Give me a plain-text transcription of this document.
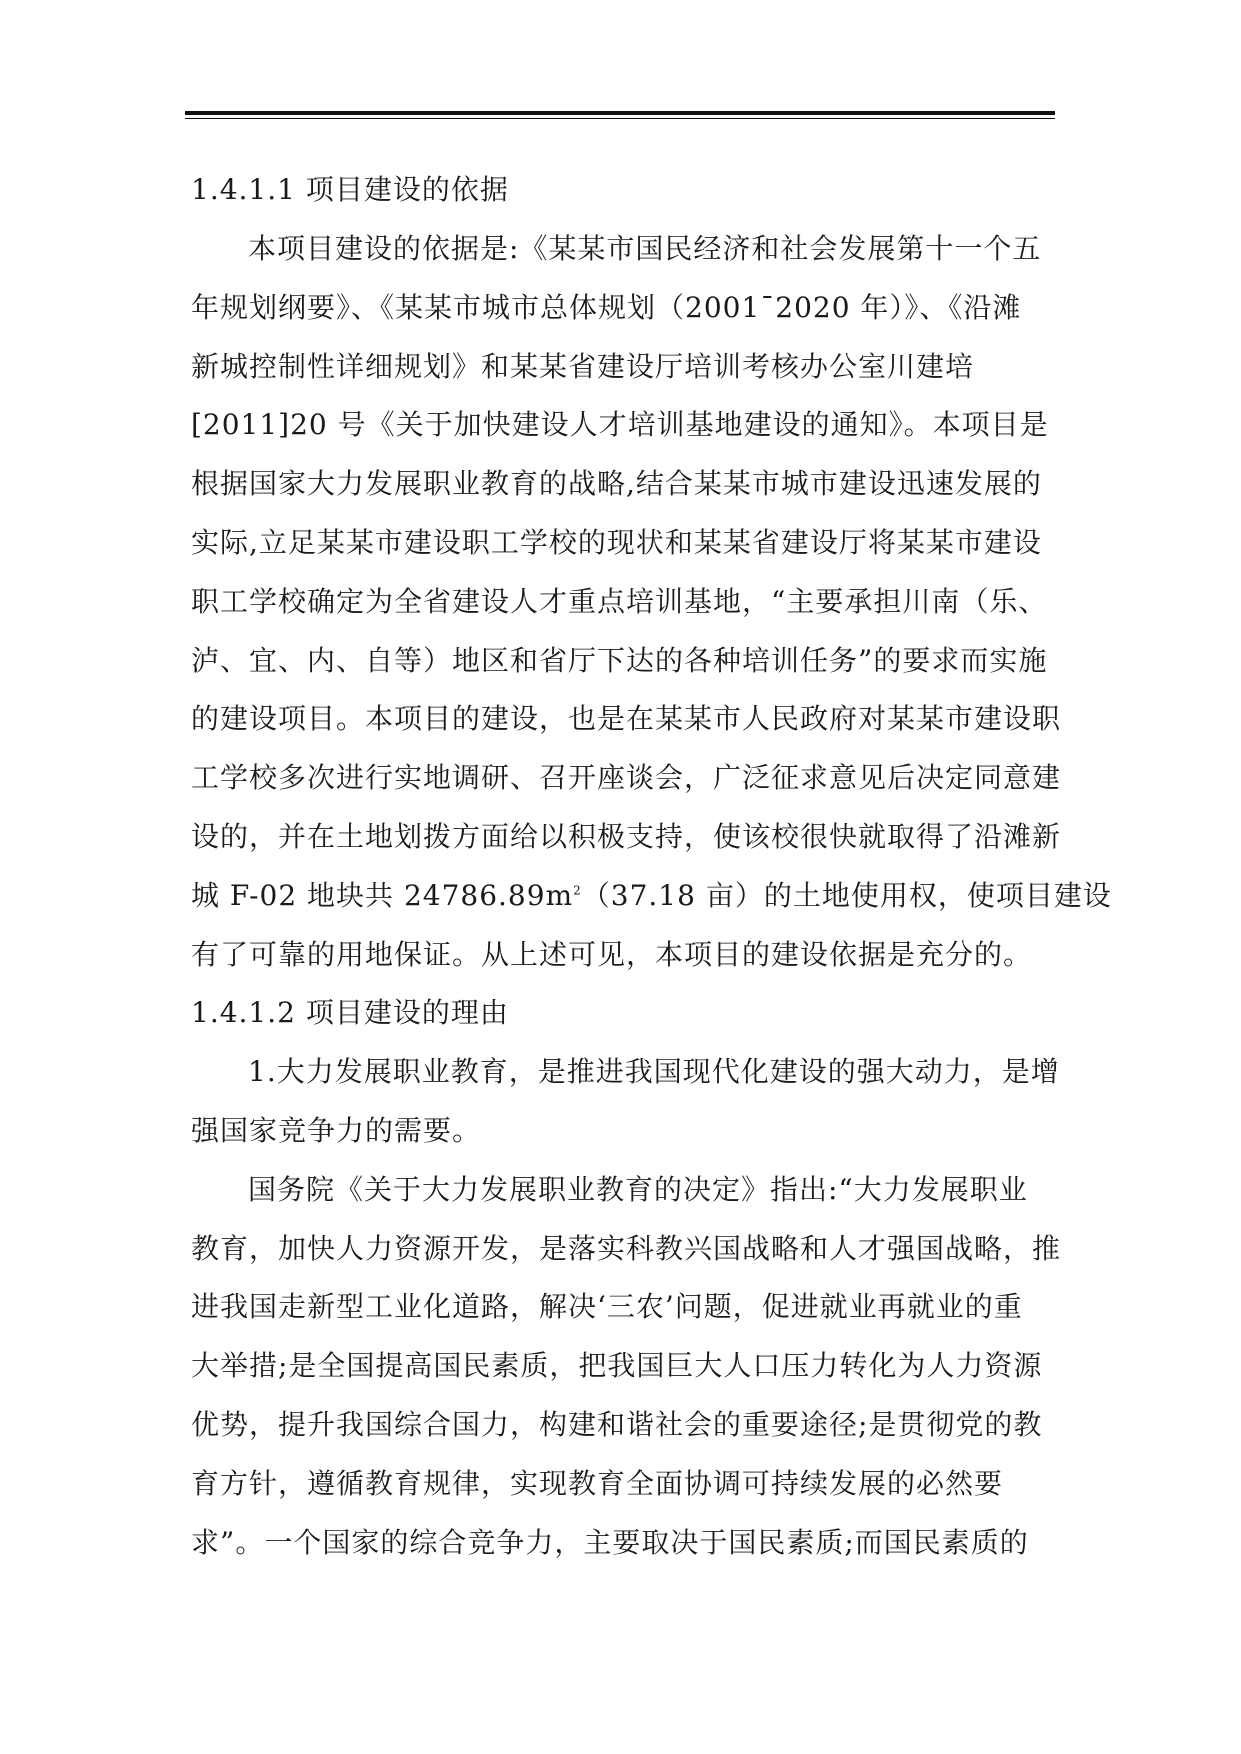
1.4.1.1 项目建设的依据

本项目建设的依据是:《某某市国民经济和社会发展第十一个五

年规划纲要》、《某某市城市总体规划（2001¯2020 年）》、《沿滩

新城控制性详细规划》和某某省建设厅培训考核办公室川建培

[2011]20 号《关于加快建设人才培训基地建设的通知》。本项目是

根据国家大力发展职业教育的战略,结合某某市城市建设迅速发展的

实际,立足某某市建设职工学校的现状和某某省建设厅将某某市建设

职工学校确定为全省建设人才重点培训基地，“主要承担川南（乐、

泸、宜、内、自等）地区和省厅下达的各种培训任务”的要求而实施

的建设项目。本项目的建设，也是在某某市人民政府对某某市建设职

工学校多次进行实地调研、召开座谈会，广泛征求意见后决定同意建

设的，并在土地划拨方面给以积极支持，使该校很快就取得了沿滩新

城 F-02 地块共 $24786.89m^2(37.18$ 亩）的土地使用权，使项目建设

有了可靠的用地保证。从上述可见，本项目的建设依据是充分的。

1.4.1.2 项目建设的理由

1.大力发展职业教育，是推进我国现代化建设的强大动力，是增

强国家竞争力的需要。

国务院《关于大力发展职业教育的决定》指出:“大力发展职业

教育，加快人力资源开发，是落实科教兴国战略和人才强国战略，推

进我国走新型工业化道路，解决‘三农’问题，促进就业再就业的重

大举措;是全国提高国民素质，把我国巨大人口压力转化为人力资源

优势，提升我国综合国力，构建和谐社会的重要途径;是贯彻党的教

育方针，遵循教育规律，实现教育全面协调可持续发展的必然要

求”。一个国家的综合竞争力，主要取决于国民素质;而国民素质的
